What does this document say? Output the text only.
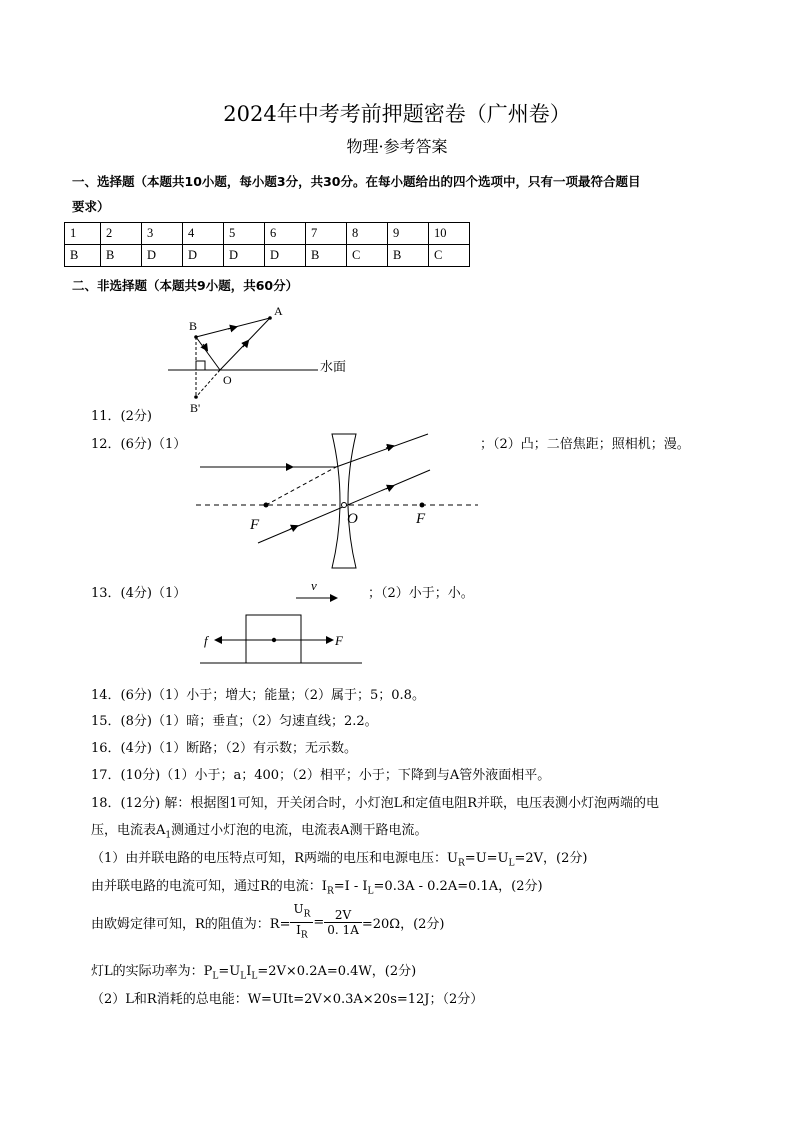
2024年中考考前押题密卷（广州卷）
物理·参考答案
一、选择题（本题共10小题，每小题3分，共30分。在每小题给出的四个选项中，只有一项最符合题目
要求）
1	2	3	4	5	6	7	8	9	10
B	B	D	D	D	D	B	C	B	C
二、非选择题（本题共9小题，共60分）
A
B
O
B'
水面
11．(2分)
12．(6分)（1）	；（2）凸；二倍焦距；照相机；漫。
F	O	F
13．(4分)（1）	；（2）小于；小。
v
f	F
14．(6分)（1）小于；增大；能量；（2）属于；5；0.8。
15．(8分)（1）暗；垂直；（2）匀速直线；2.2。
16．(4分)（1）断路；（2）有示数；无示数。
17．(10分)（1）小于；a；400；（2）相平；小于；下降到与A管外液面相平。
18．(12分) 解：根据图1可知，开关闭合时，小灯泡L和定值电阻R并联，电压表测小灯泡两端的电
压，电流表$A_1$测通过小灯泡的电流，电流表A测干路电流。
（1）由并联电路的电压特点可知，R两端的电压和电源电压：$U_R=U=U_L=2V$，(2分)
由并联电路的电流可知，通过R的电流：$I_R=I - I_L=0.3A - 0.2A=0.1A$，(2分)
由欧姆定律可知，R的阻值为：$R= \frac{U_R}{I_R} = \frac{2V}{0. 1A} =20\Omega$，(2分)
灯L的实际功率为：$P_L=U_LI_L=2V\times 0.2A=0.4W$，(2分)
（2）L和R消耗的总电能：W=UIt=2V×0.3A×20s=12J；（2分）
